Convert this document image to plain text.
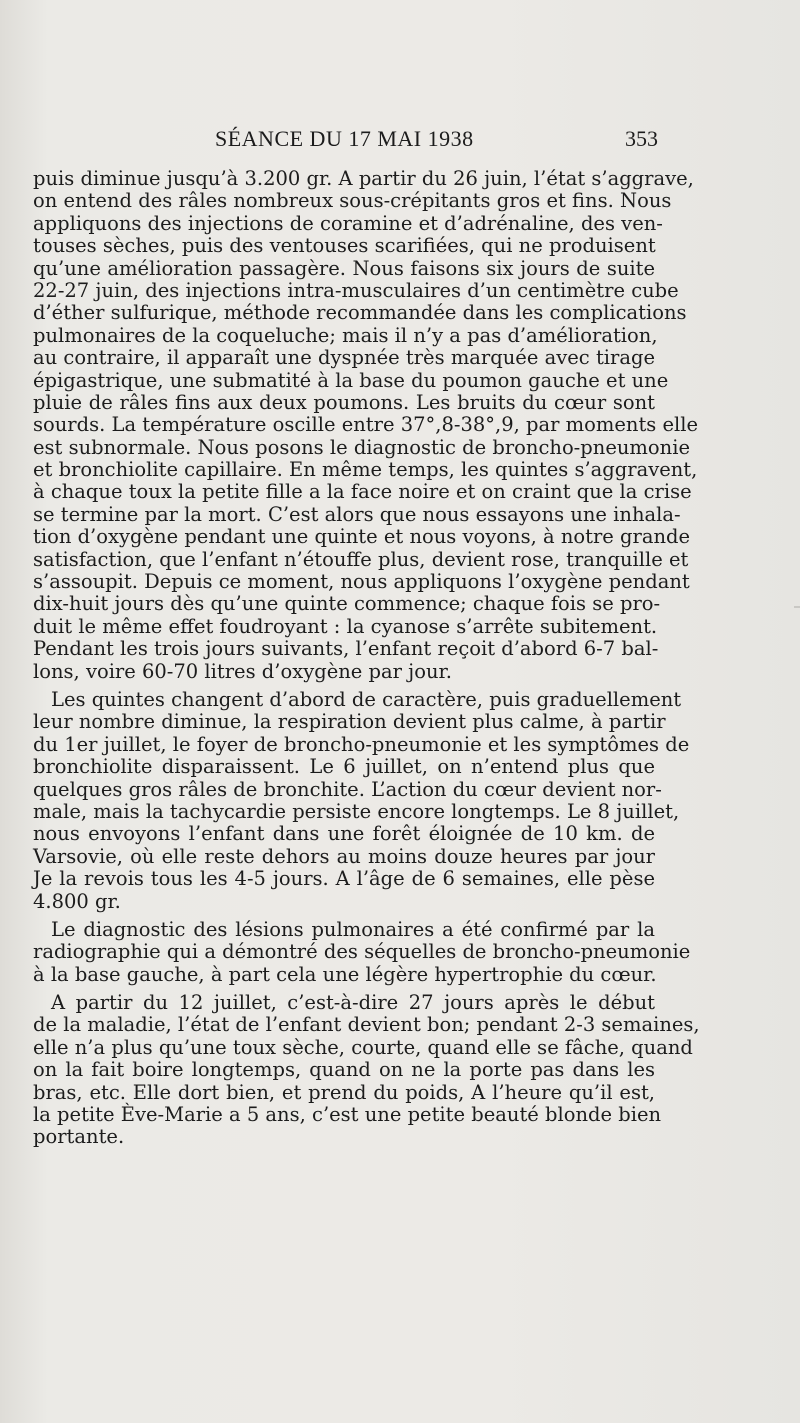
SÉANCE DU 17 MAI 1938	353
puis diminue jusqu’à 3.200 gr. A partir du 26 juin, l’état s’aggrave,
on entend des râles nombreux sous-crépitants gros et fins. Nous
appliquons des injections de coramine et d’adrénaline, des ven-
touses sèches, puis des ventouses scarifiées, qui ne produisent
qu’une amélioration passagère. Nous faisons six jours de suite
22-27 juin, des injections intra-musculaires d’un centimètre cube
d’éther sulfurique, méthode recommandée dans les complications
pulmonaires de la coqueluche; mais il n’y a pas d’amélioration,
au contraire, il apparaît une dyspnée très marquée avec tirage
épigastrique, une submatité à la base du poumon gauche et une
pluie de râles fins aux deux poumons. Les bruits du cœur sont
sourds. La température oscille entre 37°,8-38°,9, par moments elle
est subnormale. Nous posons le diagnostic de broncho-pneumonie
et bronchiolite capillaire. En même temps, les quintes s’aggravent,
à chaque toux la petite fille a la face noire et on craint que la crise
se termine par la mort. C’est alors que nous essayons une inhala-
tion d’oxygène pendant une quinte et nous voyons, à notre grande
satisfaction, que l’enfant n’étouffe plus, devient rose, tranquille et
s’assoupit. Depuis ce moment, nous appliquons l’oxygène pendant
dix-huit jours dès qu’une quinte commence; chaque fois se pro-
duit le même effet foudroyant : la cyanose s’arrête subitement.
Pendant les trois jours suivants, l’enfant reçoit d’abord 6-7 bal-
lons, voire 60-70 litres d’oxygène par jour.
Les quintes changent d’abord de caractère, puis graduellement
leur nombre diminue, la respiration devient plus calme, à partir
du 1er juillet, le foyer de broncho-pneumonie et les symptômes de
bronchiolite disparaissent. Le 6 juillet, on n’entend plus que
quelques gros râles de bronchite. L’action du cœur devient nor-
male, mais la tachycardie persiste encore longtemps. Le 8 juillet,
nous envoyons l’enfant dans une forêt éloignée de 10 km. de
Varsovie, où elle reste dehors au moins douze heures par jour
Je la revois tous les 4-5 jours. A l’âge de 6 semaines, elle pèse
4.800 gr.
Le diagnostic des lésions pulmonaires a été confirmé par la
radiographie qui a démontré des séquelles de broncho-pneumonie
à la base gauche, à part cela une légère hypertrophie du cœur.
A partir du 12 juillet, c’est-à-dire 27 jours après le début
de la maladie, l’état de l’enfant devient bon; pendant 2-3 semaines,
elle n’a plus qu’une toux sèche, courte, quand elle se fâche, quand
on la fait boire longtemps, quand on ne la porte pas dans les
bras, etc. Elle dort bien, et prend du poids, A l’heure qu’il est,
la petite Ève-Marie a 5 ans, c’est une petite beauté blonde bien
portante.
